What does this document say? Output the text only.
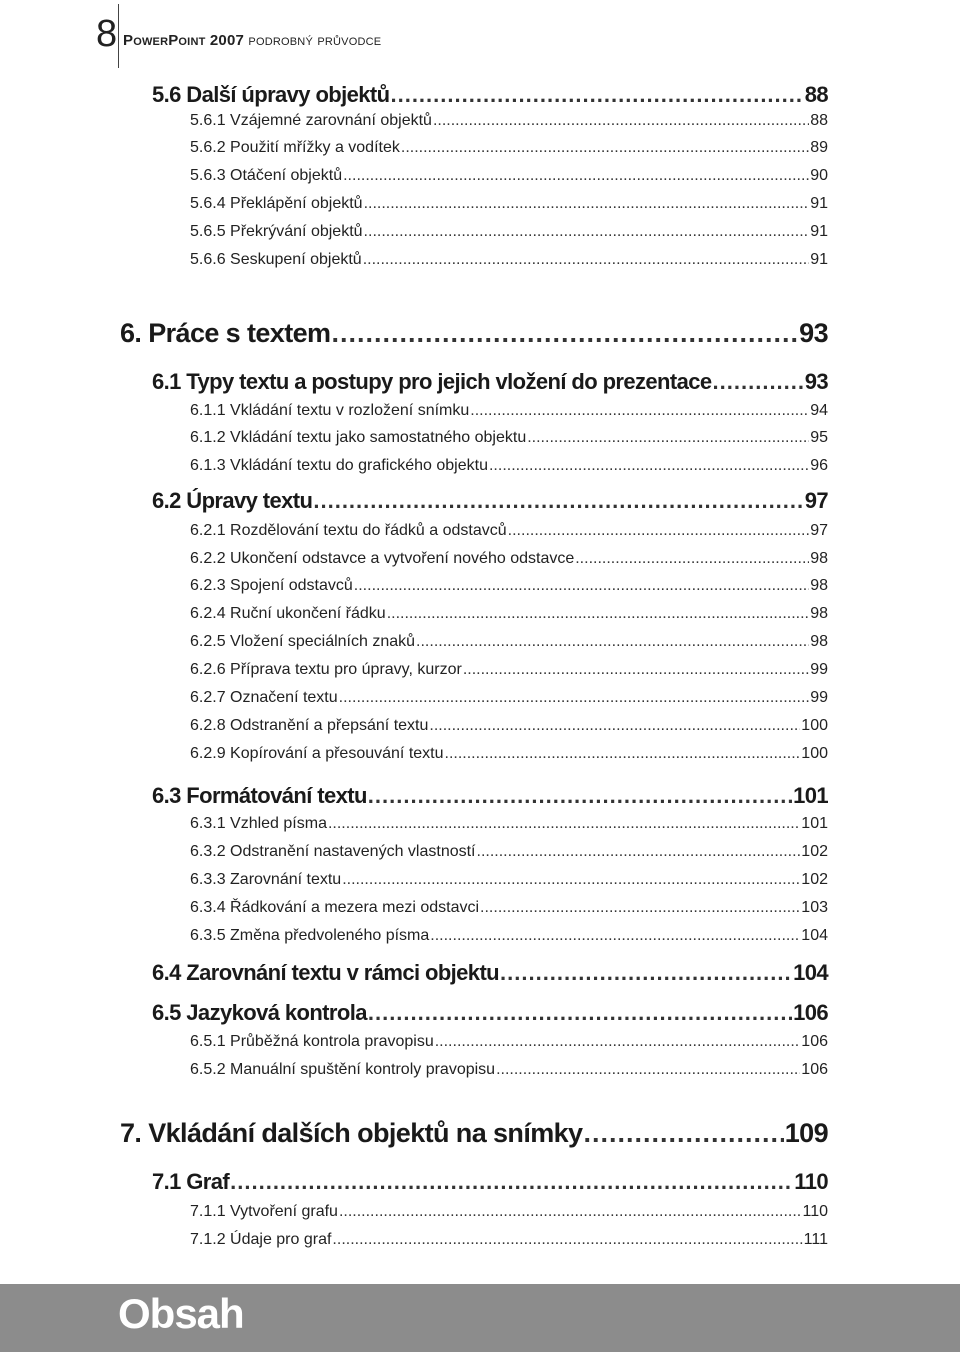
8 PowerPoint 2007 podrobný průvodce
5.6 Další úpravy objektů .....	88
5.6.1 Vzájemné zarovnání objektů .....	88
5.6.2 Použití mřížky a vodítek .....	89
5.6.3 Otáčení objektů .....	90
5.6.4 Překlápění objektů .....	91
5.6.5 Překrývání objektů .....	91
5.6.6 Seskupení objektů .....	91
6. Práce s textem .....	93
6.1 Typy textu a postupy pro jejich vložení do prezentace .....	93
6.1.1 Vkládání textu v rozložení snímku .....	94
6.1.2 Vkládání textu jako samostatného objektu .....	95
6.1.3 Vkládání textu do grafického objektu .....	96
6.2 Úpravy textu .....	97
6.2.1 Rozdělování textu do řádků a odstavců .....	97
6.2.2 Ukončení odstavce a vytvoření nového odstavce .....	98
6.2.3 Spojení odstavců .....	98
6.2.4 Ruční ukončení řádku .....	98
6.2.5 Vložení speciálních znaků .....	98
6.2.6 Příprava textu pro úpravy, kurzor .....	99
6.2.7 Označení textu .....	99
6.2.8 Odstranění a přepsání textu .....	100
6.2.9 Kopírování a přesouvání textu .....	100
6.3 Formátování textu .....	101
6.3.1 Vzhled písma .....	101
6.3.2 Odstranění nastavených vlastností .....	102
6.3.3 Zarovnání textu .....	102
6.3.4 Řádkování a mezera mezi odstavci .....	103
6.3.5 Změna předvoleného písma .....	104
6.4 Zarovnání textu v rámci objektu .....	104
6.5 Jazyková kontrola .....	106
6.5.1 Průběžná kontrola pravopisu .....	106
6.5.2 Manuální spuštění kontroly pravopisu .....	106
7. Vkládání dalších objektů na snímky .....	109
7.1 Graf .....	110
7.1.1 Vytvoření grafu .....	110
7.1.2 Údaje pro graf .....	111
Obsah
